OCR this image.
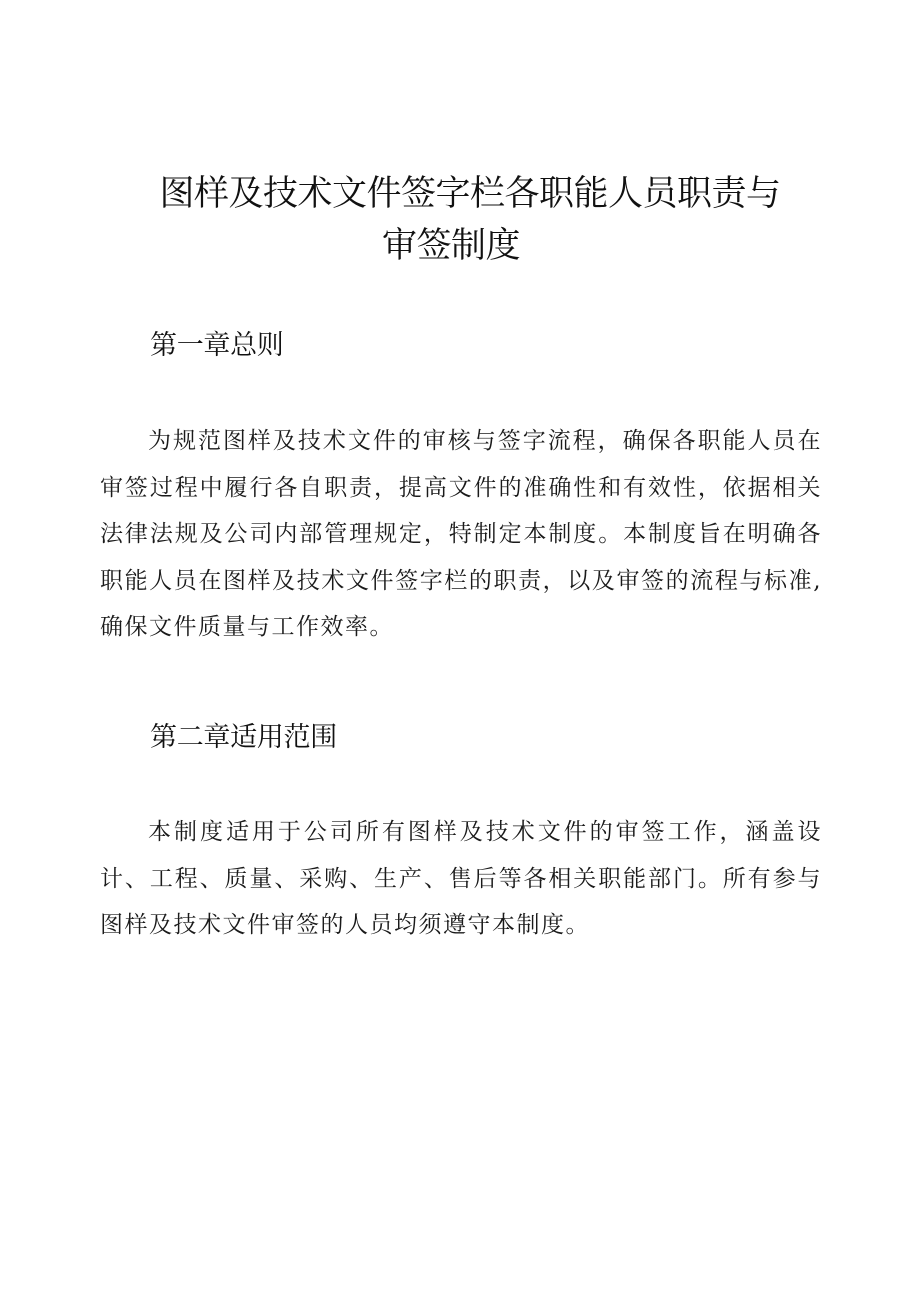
图样及技术文件签字栏各职能人员职责与
审签制度
第一章总则

为规范图样及技术文件的审核与签字流程，确保各职能人员在审签过程中履行各自职责，提高文件的准确性和有效性，依据相关法律法规及公司内部管理规定，特制定本制度。本制度旨在明确各职能人员在图样及技术文件签字栏的职责，以及审签的流程与标准,确保文件质量与工作效率。

第二章适用范围

本制度适用于公司所有图样及技术文件的审签工作，涵盖设计、工程、质量、采购、生产、售后等各相关职能部门。所有参与图样及技术文件审签的人员均须遵守本制度。
